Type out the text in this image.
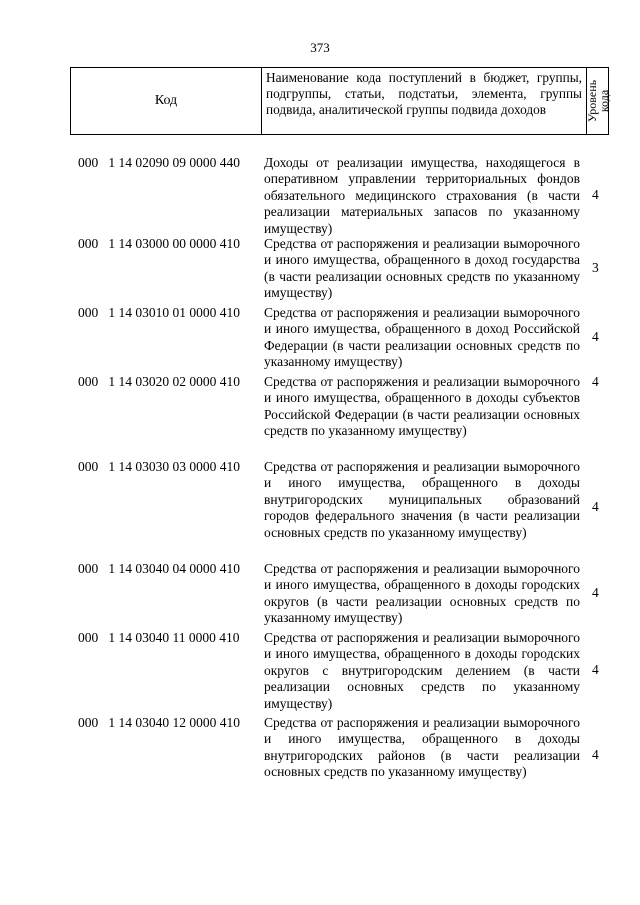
373
Код
Наименование кода поступлений в бюджет, группы, подгруппы, статьи, подстатьи, элемента, группы подвида, аналитической группы подвида доходов	Уровень
кода
000 1 14 02090 09 0000 440 Доходы от реализации имущества, находящегося в оперативном управлении территориальных фондов обязательного медицинского страхования (в части реализации материальных запасов по указанному имуществу)
4
000 1 14 03000 00 0000 410 Средства от распоряжения и реализации выморочного и иного имущества, обращенного в доход государства (в части реализации основных средств по указанному имуществу)
3
000 1 14 03010 01 0000 410 Средства от распоряжения и реализации выморочного и иного имущества, обращенного в доход Российской Федерации (в части реализации основных средств по указанному имуществу)
4
000 1 14 03020 02 0000 410 Средства от распоряжения и реализации выморочного и иного имущества, обращенного в доходы субъектов Российской Федерации (в части реализации основных средств по указанному имуществу)
4
000 1 14 03030 03 0000 410 Средства от распоряжения и реализации выморочного и иного имущества, обращенного в доходы внутригородских муниципальных образований городов федерального значения (в части реализации основных средств по указанному имуществу)
4
000 1 14 03040 04 0000 410 Средства от распоряжения и реализации выморочного и иного имущества, обращенного в доходы городских округов (в части реализации основных средств по указанному имуществу)
4
000 1 14 03040 11 0000 410 Средства от распоряжения и реализации выморочного и иного имущества, обращенного в доходы городских округов с внутригородским делением (в части реализации основных средств по указанному имуществу)
4
000 1 14 03040 12 0000 410 Средства от распоряжения и реализации выморочного и иного имущества, обращенного в доходы внутригородских районов (в части реализации основных средств по указанному имуществу)
4
